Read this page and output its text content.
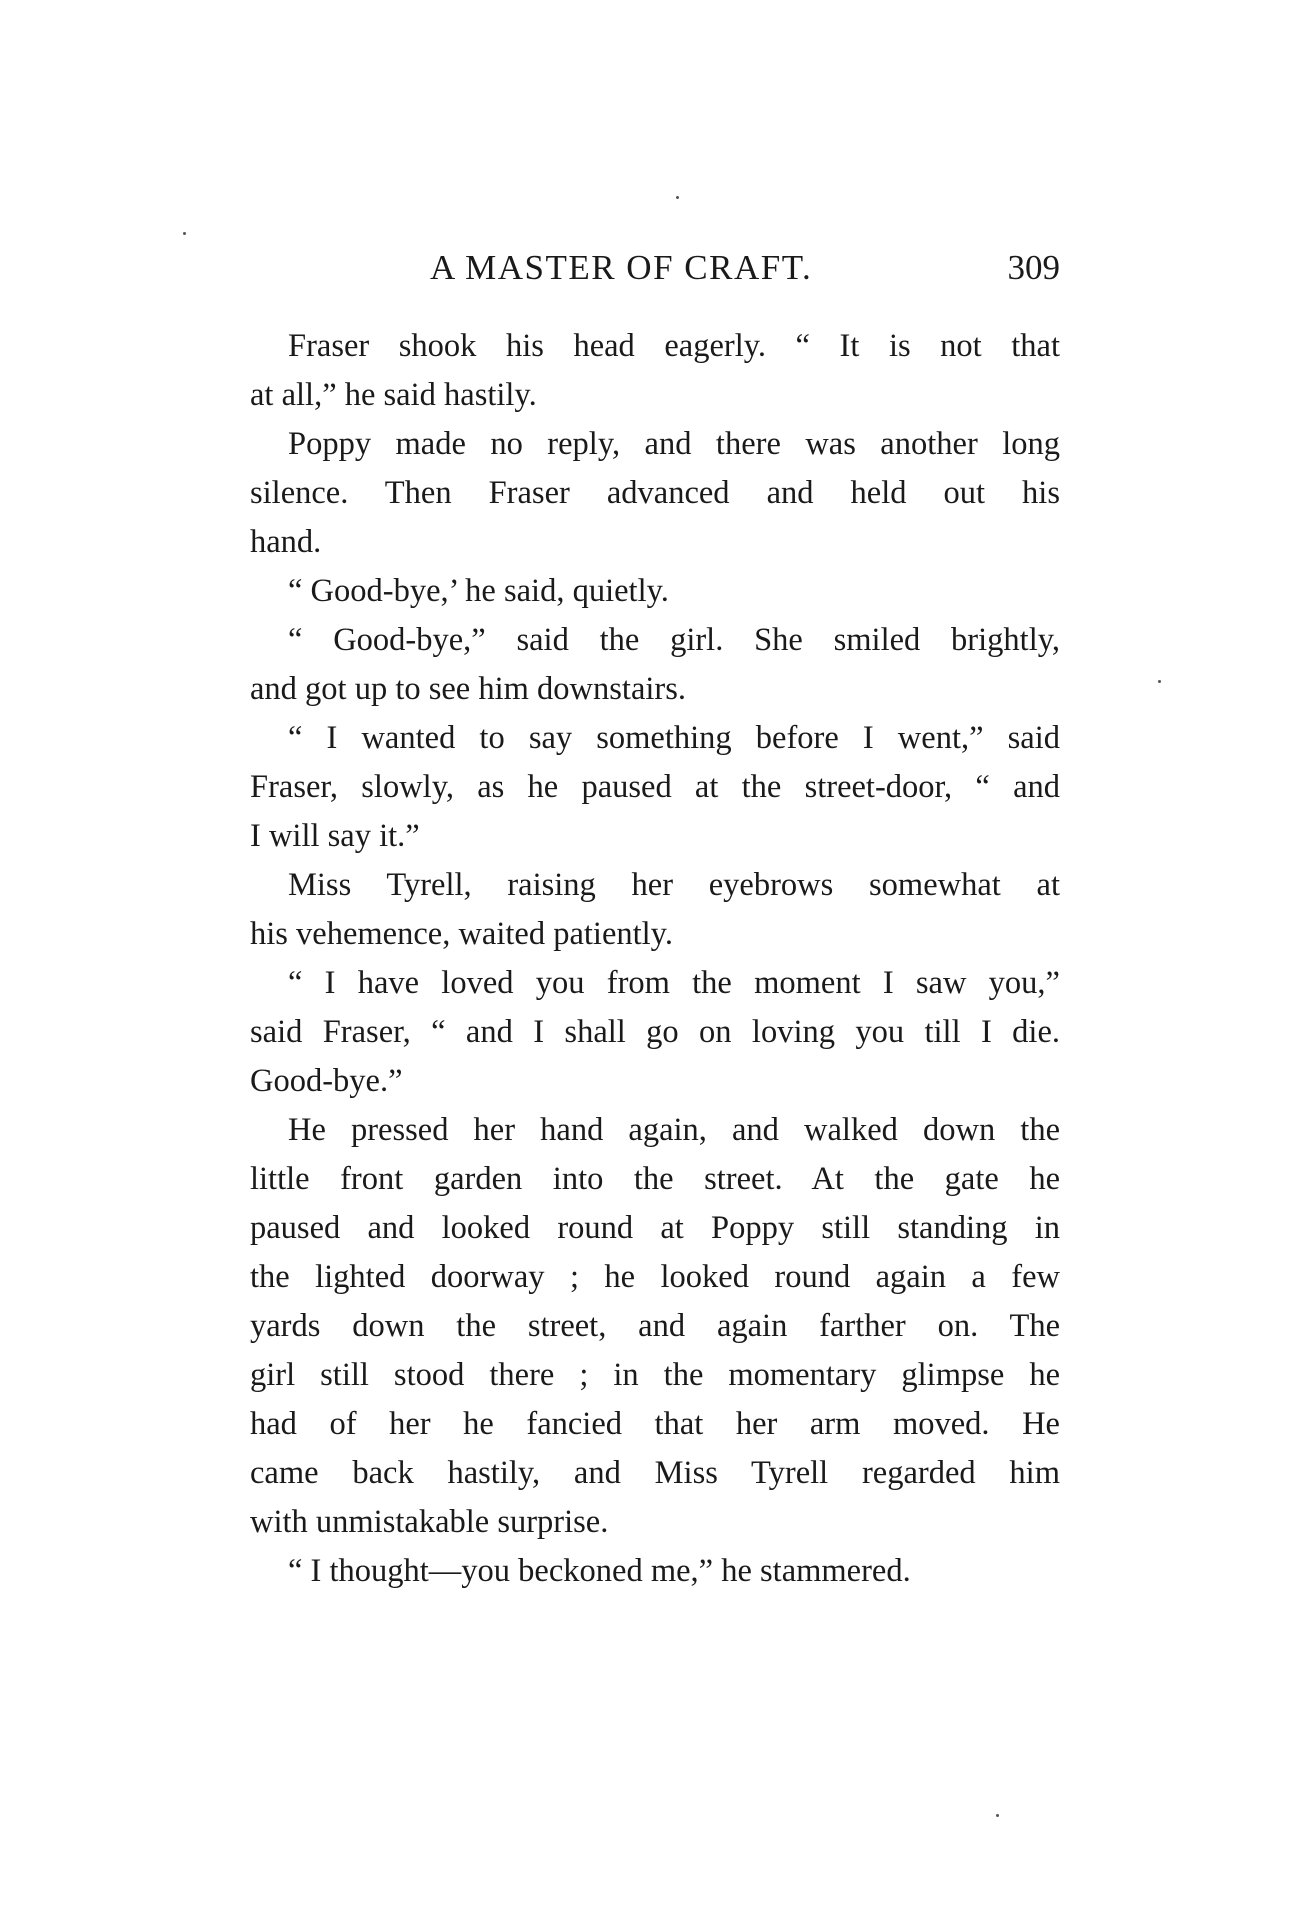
A MASTER OF CRAFT.	309
Fraser shook his head eagerly. “ It is not that
at all,” he said hastily.
Poppy made no reply, and there was another long
silence. Then Fraser advanced and held out his
hand.
“ Good-bye,’ he said, quietly.
“ Good-bye,” said the girl. She smiled brightly,
and got up to see him downstairs.
“ I wanted to say something before I went,” said
Fraser, slowly, as he paused at the street-door, “ and
I will say it.”
Miss Tyrell, raising her eyebrows somewhat at
his vehemence, waited patiently.
“ I have loved you from the moment I saw you,”
said Fraser, “ and I shall go on loving you till I die.
Good-bye.”
He pressed her hand again, and walked down the
little front garden into the street. At the gate he
paused and looked round at Poppy still standing in
the lighted doorway ; he looked round again a few
yards down the street, and again farther on. The
girl still stood there ; in the momentary glimpse he
had of her he fancied that her arm moved. He
came back hastily, and Miss Tyrell regarded him
with unmistakable surprise.
“ I thought—you beckoned me,” he stammered.
